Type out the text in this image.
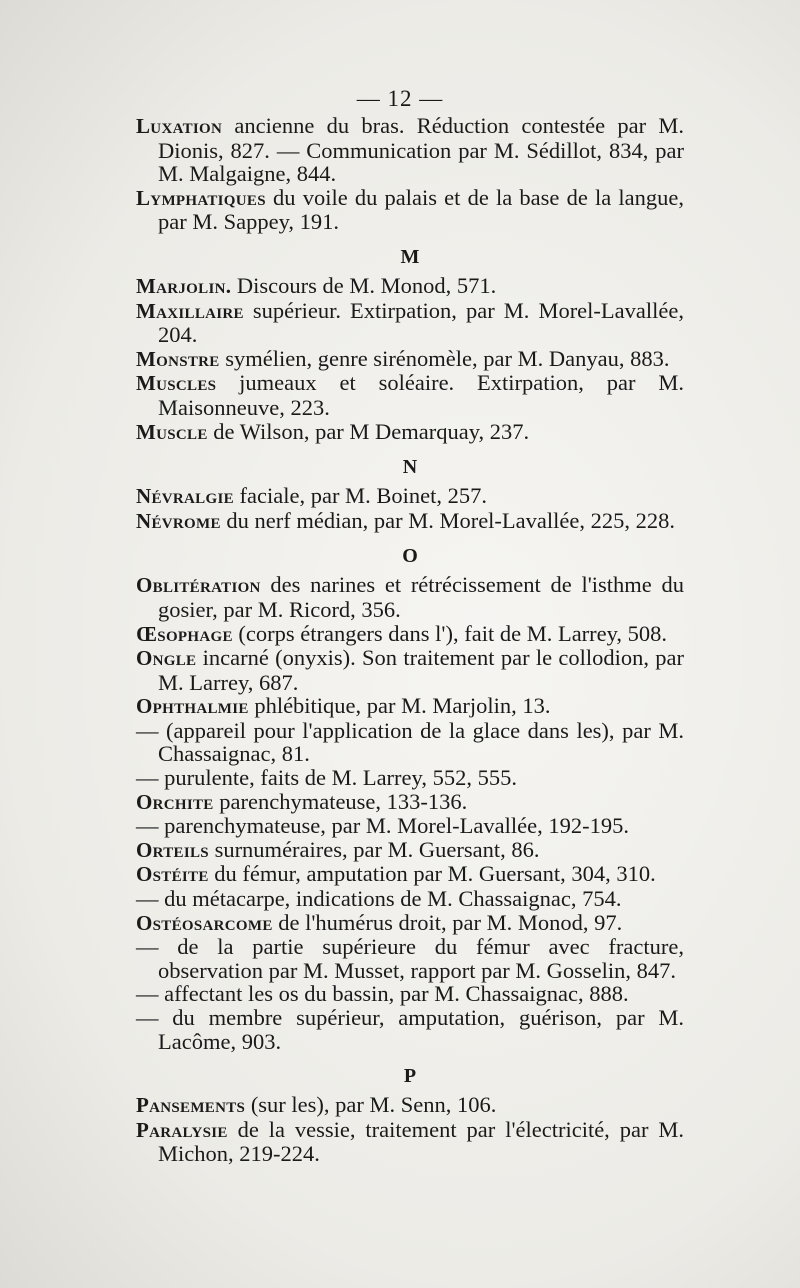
— 12 —

Luxation ancienne du bras. Réduction contestée par M. Dionis, 827. — Communication par M. Sédillot, 834, par M. Malgaigne, 844.

Lymphatiques du voile du palais et de la base de la langue, par M. Sappey, 191.

M

Marjolin. Discours de M. Monod, 571.

Maxillaire supérieur. Extirpation, par M. Morel-Lavallée, 204.

Monstre symélien, genre sirénomèle, par M. Danyau, 883.

Muscles jumeaux et soléaire. Extirpation, par M. Maisonneuve, 223.

Muscle de Wilson, par M Demarquay, 237.

N

Névralgie faciale, par M. Boinet, 257.

Névrome du nerf médian, par M. Morel-Lavallée, 225, 228.

O

Oblitération des narines et rétrécissement de l'isthme du gosier, par M. Ricord, 356.

Œsophage (corps étrangers dans l'), fait de M. Larrey, 508.

Ongle incarné (onyxis). Son traitement par le collodion, par M. Larrey, 687.

Ophthalmie phlébitique, par M. Marjolin, 13.

— (appareil pour l'application de la glace dans les), par M. Chassaignac, 81.

— purulente, faits de M. Larrey, 552, 555.

Orchite parenchymateuse, 133-136.

— parenchymateuse, par M. Morel-Lavallée, 192-195.

Orteils surnuméraires, par M. Guersant, 86.

Ostéite du fémur, amputation par M. Guersant, 304, 310.

— du métacarpe, indications de M. Chassaignac, 754.

Ostéosarcome de l'humérus droit, par M. Monod, 97.

— de la partie supérieure du fémur avec fracture, observation par M. Musset, rapport par M. Gosselin, 847.

— affectant les os du bassin, par M. Chassaignac, 888.

— du membre supérieur, amputation, guérison, par M. Lacôme, 903.

P

Pansements (sur les), par M. Senn, 106.

Paralysie de la vessie, traitement par l'électricité, par M. Michon, 219-224.
